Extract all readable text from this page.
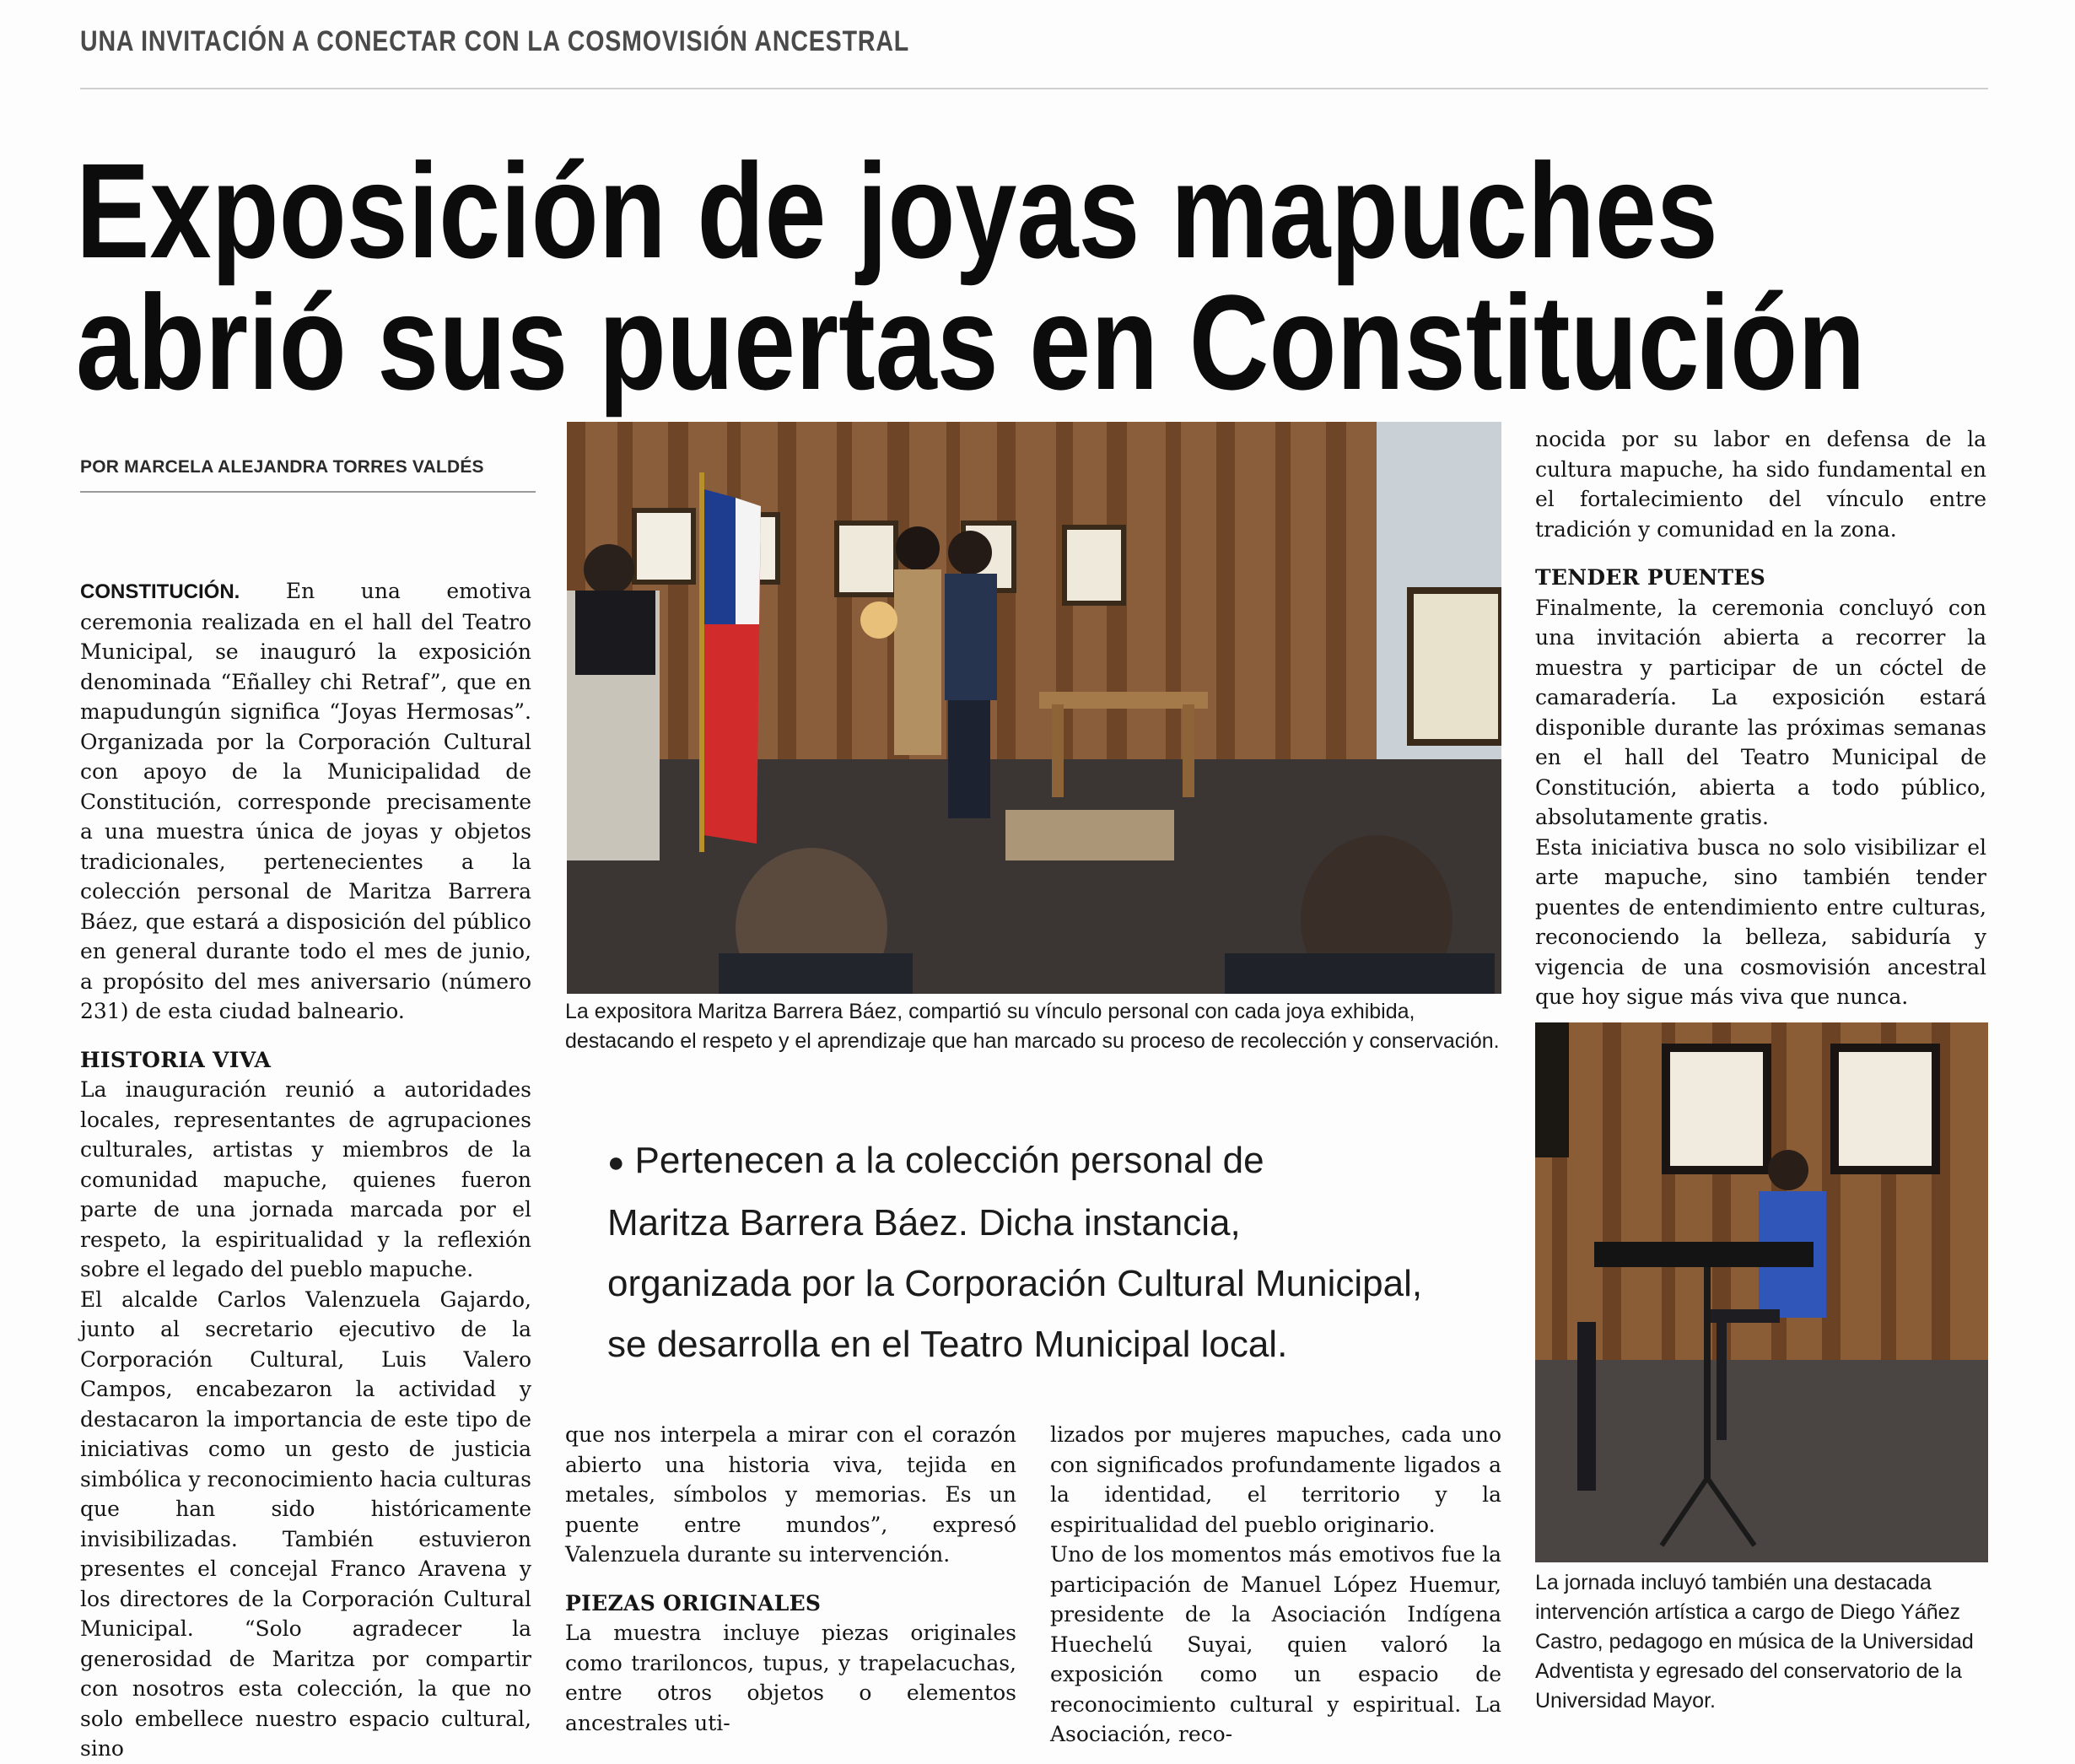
UNA INVITACIÓN A CONECTAR CON LA COSMOVISIÓN ANCESTRAL
Exposición de joyas mapuches
abrió sus puertas en Constitución
POR MARCELA ALEJANDRA TORRES VALDÉS

CONSTITUCIÓN. En una emotiva ceremonia realizada en el hall del Teatro Municipal, se inauguró la exposición denominada “Eñalley chi Retraf”, que en mapudungún significa “Joyas Hermosas”. Organizada por la Corporación Cultural con apoyo de la Municipalidad de Constitución, corresponde precisamente a una muestra única de joyas y objetos tradicionales, pertenecientes a la colección personal de Maritza Barrera Báez, que estará a disposición del público en general durante todo el mes de junio, a propósito del mes aniversario (número 231) de esta ciudad balneario.

HISTORIA VIVA

La inauguración reunió a autoridades locales, representantes de agrupaciones culturales, artistas y miembros de la comunidad mapuche, quienes fueron parte de una jornada marcada por el respeto, la espiritualidad y la reflexión sobre el legado del pueblo mapuche.

El alcalde Carlos Valenzuela Gajardo, junto al secretario ejecutivo de la Corporación Cultural, Luis Valero Campos, encabezaron la actividad y destacaron la importancia de este tipo de iniciativas como un gesto de justicia simbólica y reconocimiento hacia culturas que han sido históricamente invisibilizadas. También estuvieron presentes el concejal Franco Aravena y los directores de la Corporación Cultural Municipal. “Solo agradecer la generosidad de Maritza por compartir con nosotros esta colección, la que no solo embellece nuestro espacio cultural, sino

La expositora Maritza Barrera Báez, compartió su vínculo personal con cada joya exhibida, destacando el respeto y el aprendizaje que han marcado su proceso de recolección y conservación.
● Pertenecen a la colección personal de
Maritza Barrera Báez. Dicha instancia,
organizada por la Corporación Cultural Municipal,
se desarrolla en el Teatro Municipal local.

que nos interpela a mirar con el corazón abierto una historia viva, tejida en metales, símbolos y memorias. Es un puente entre mundos”, expresó Valenzuela durante su intervención.

PIEZAS ORIGINALES

La muestra incluye piezas originales como trariloncos, tupus, y trapelacuchas, entre otros objetos o elementos ancestrales uti-

lizados por mujeres mapuches, cada uno con significados profundamente ligados a la identidad, el territorio y la espiritualidad del pueblo originario.

Uno de los momentos más emotivos fue la participación de Manuel López Huemur, presidente de la Asociación Indígena Huechelú Suyai, quien valoró la exposición como un espacio de reconocimiento cultural y espiritual. La Asociación, reco-

nocida por su labor en defensa de la cultura mapuche, ha sido fundamental en el fortalecimiento del vínculo entre tradición y comunidad en la zona.

TENDER PUENTES

Finalmente, la ceremonia concluyó con una invitación abierta a recorrer la muestra y participar de un cóctel de camaradería. La exposición estará disponible durante las próximas semanas en el hall del Teatro Municipal de Constitución, abierta a todo público, absolutamente gratis.

Esta iniciativa busca no solo visibilizar el arte mapuche, sino también tender puentes de entendimiento entre culturas, reconociendo la belleza, sabiduría y vigencia de una cosmovisión ancestral que hoy sigue más viva que nunca.

La jornada incluyó también una destacada intervención artística a cargo de Diego Yáñez Castro, pedagogo en música de la Universidad Adventista y egresado del conservatorio de la Universidad Mayor.
